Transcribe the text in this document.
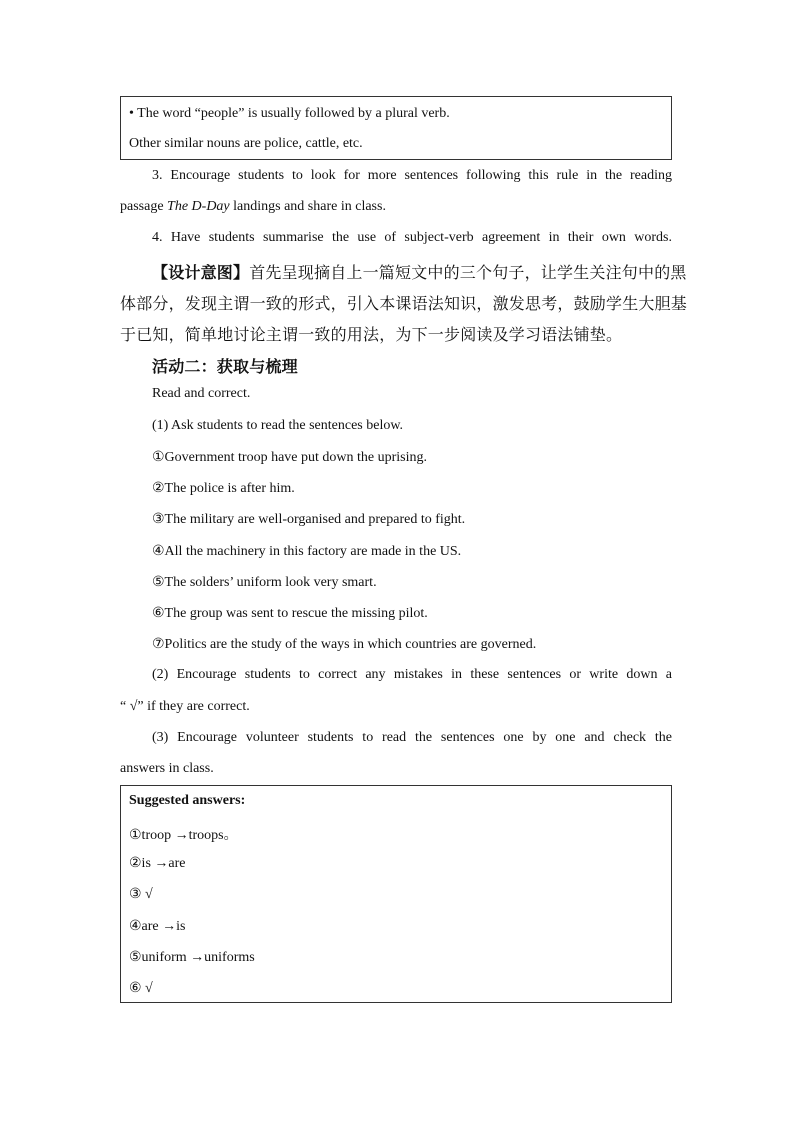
• The word “people” is usually followed by a plural verb.

Other similar nouns are police, cattle, etc.

3. Encourage students to look for more sentences following this rule in the reading

passage The D-Day landings and share in class.

4. Have students summarise the use of subject-verb agreement in their own words.

【设计意图】首先呈现摘自上一篇短文中的三个句子，让学生关注句中的黑

体部分，发现主谓一致的形式，引入本课语法知识，激发思考，鼓励学生大胆基

于已知，简单地讨论主谓一致的用法，为下一步阅读及学习语法铺垫。

活动二：获取与梳理

Read and correct.

(1) Ask students to read the sentences below.

①Government troop have put down the uprising.

②The police is after him.

③The military are well-organised and prepared to fight.

④All the machinery in this factory are made in the US.

⑤The solders’ uniform look very smart.

⑥The group was sent to rescue the missing pilot.

⑦Politics are the study of the ways in which countries are governed.

(2) Encourage students to correct any mistakes in these sentences or write down a

“ √” if they are correct.

(3) Encourage volunteer students to read the sentences one by one and check the

answers in class.

Suggested answers:

①troop →troops。

②is →are

③ √

④are →is

⑤uniform →uniforms

⑥ √
